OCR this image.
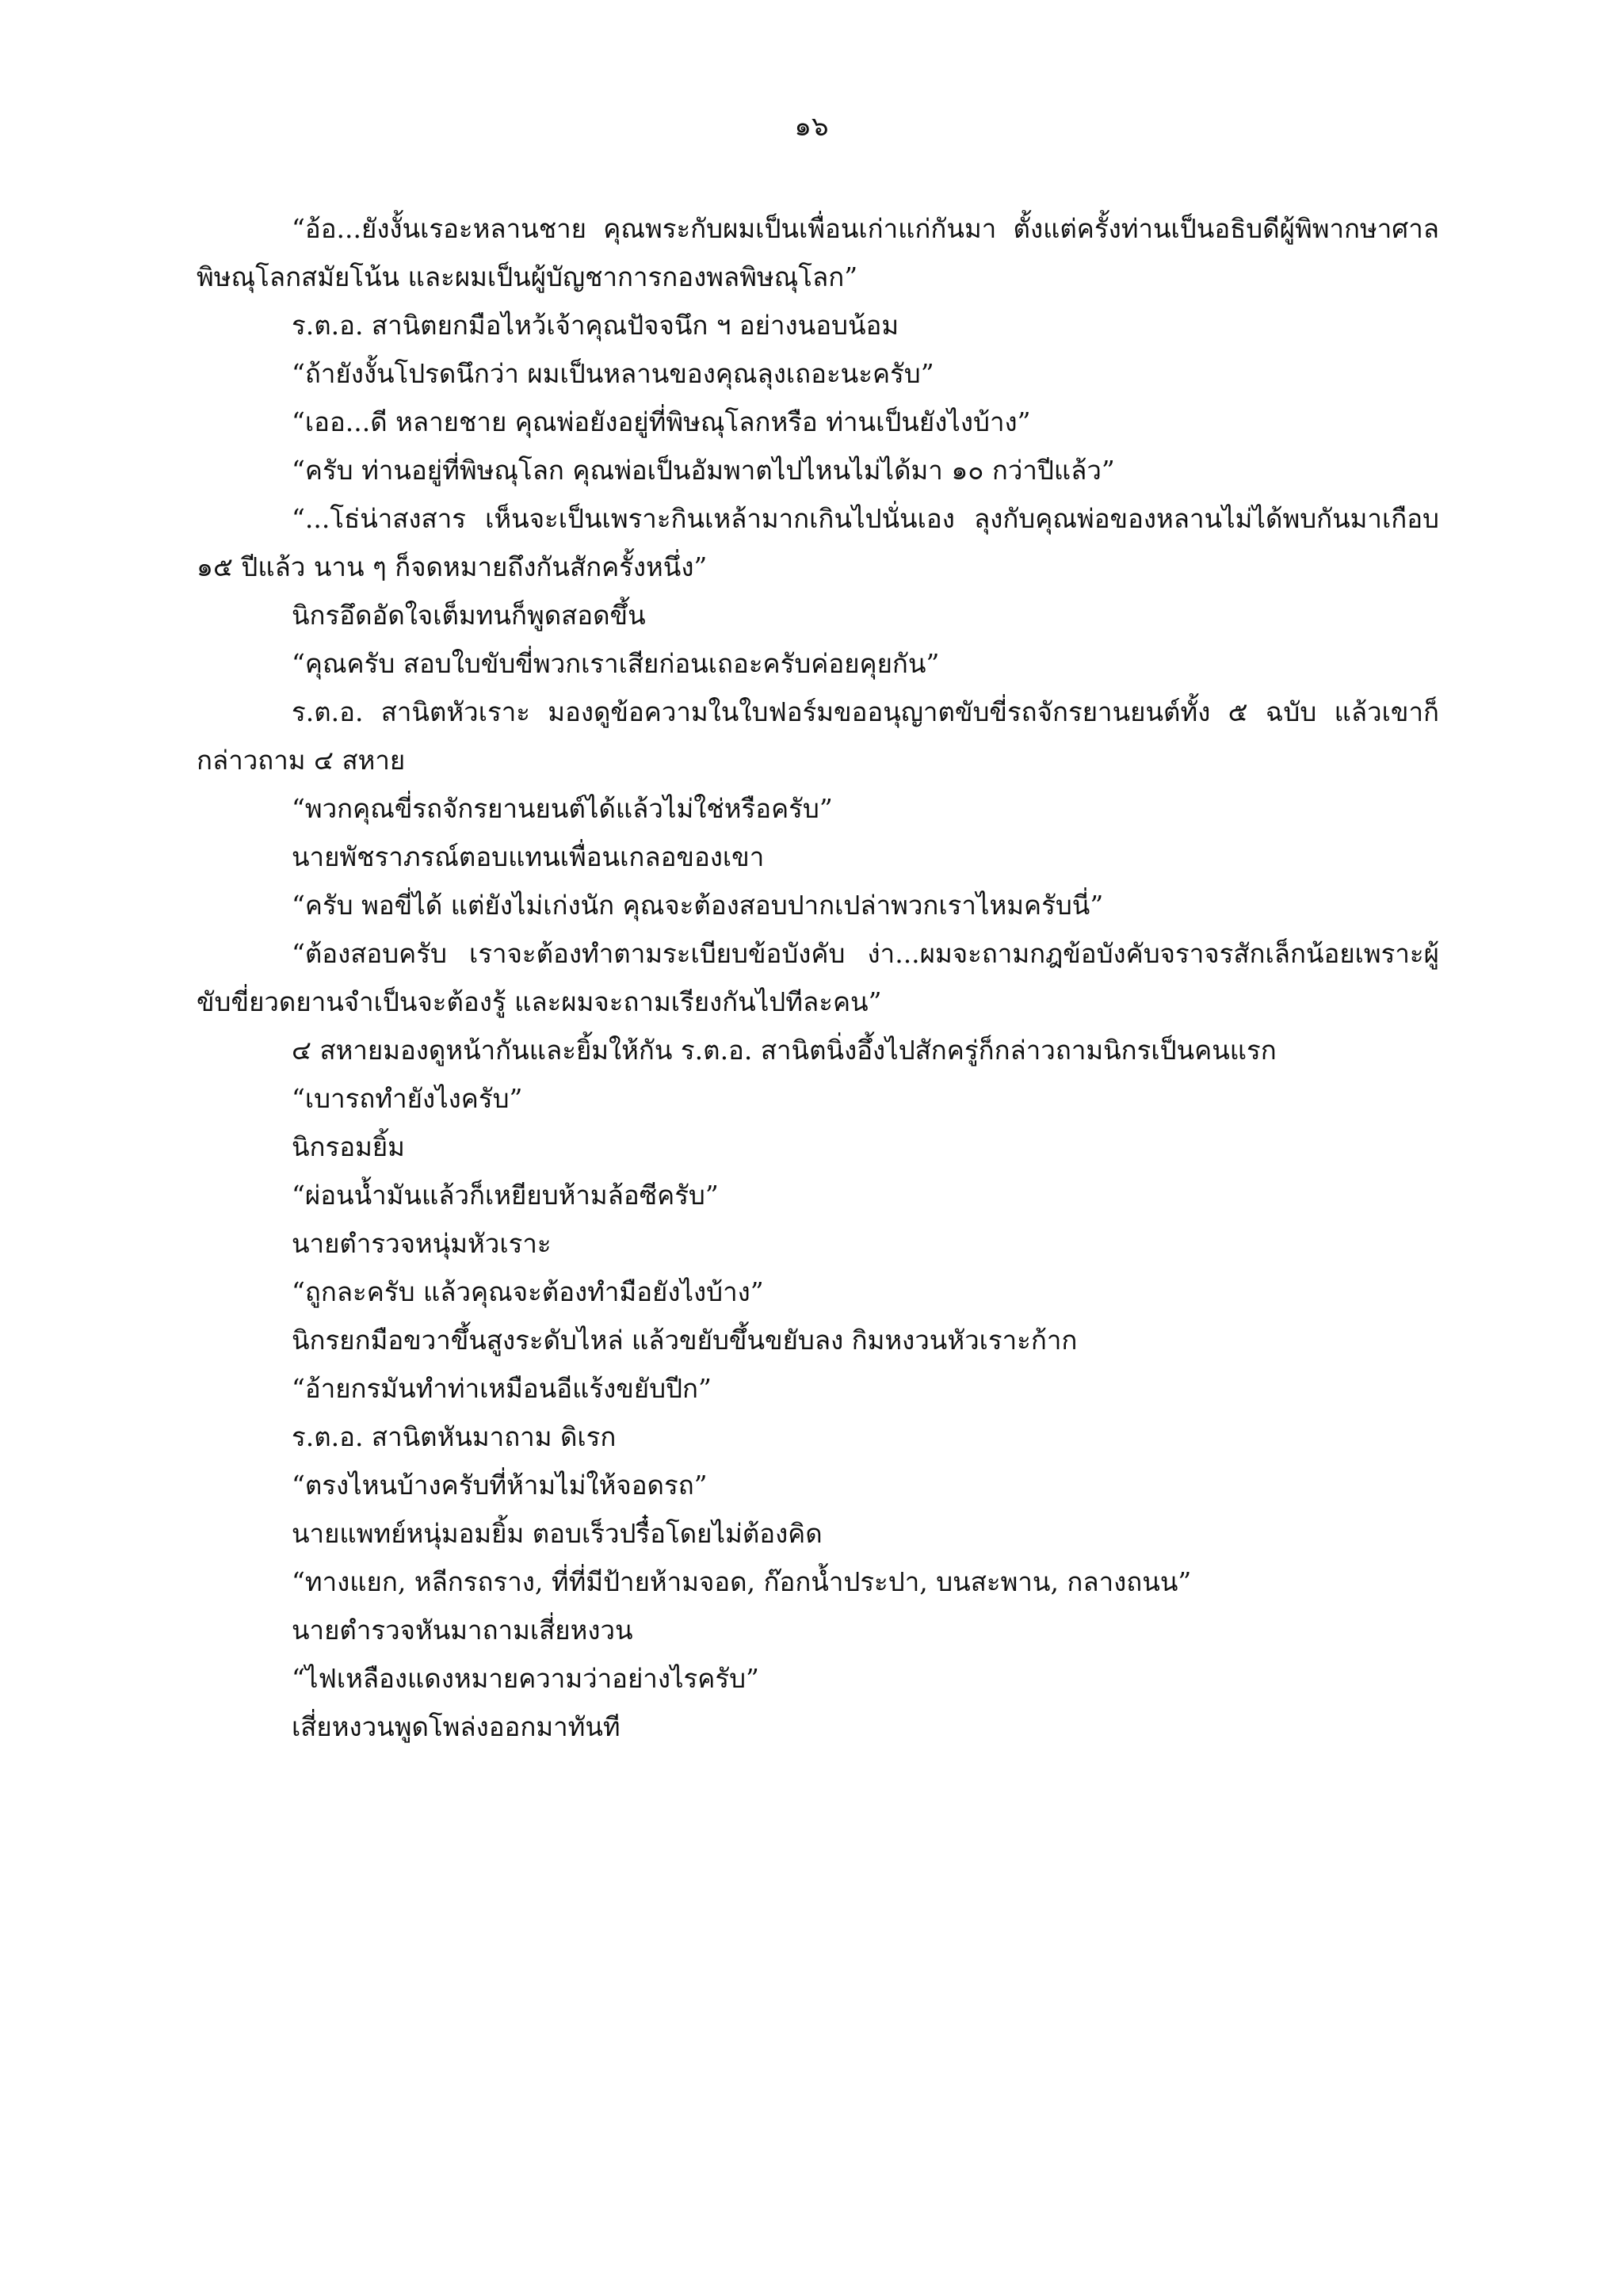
๑๖

“อ้อ...ยังงั้นเรอะหลานชาย คุณพระกับผมเป็นเพื่อนเก่าแก่กันมา ตั้งแต่ครั้งท่านเป็นอธิบดีผู้พิพากษาศาลพิษณุโลกสมัยโน้น และผมเป็นผู้บัญชาการกองพลพิษณุโลก”

ร.ต.อ. สานิตยกมือไหว้เจ้าคุณปัจจนึก ฯ อย่างนอบน้อม

“ถ้ายังงั้นโปรดนึกว่า ผมเป็นหลานของคุณลุงเถอะนะครับ”

“เออ...ดี หลายชาย คุณพ่อยังอยู่ที่พิษณุโลกหรือ ท่านเป็นยังไงบ้าง”

“ครับ ท่านอยู่ที่พิษณุโลก คุณพ่อเป็นอัมพาตไปไหนไม่ได้มา ๑๐ กว่าปีแล้ว”

“...โธ่น่าสงสาร เห็นจะเป็นเพราะกินเหล้ามากเกินไปนั่นเอง ลุงกับคุณพ่อของหลานไม่ได้พบกันมาเกือบ ๑๕ ปีแล้ว นาน ๆ ก็จดหมายถึงกันสักครั้งหนึ่ง”

นิกรอึดอัดใจเต็มทนก็พูดสอดขึ้น

“คุณครับ สอบใบขับขี่พวกเราเสียก่อนเถอะครับค่อยคุยกัน”

ร.ต.อ. สานิตหัวเราะ มองดูข้อความในใบฟอร์มขออนุญาตขับขี่รถจักรยานยนต์ทั้ง ๕ ฉบับ แล้วเขาก็กล่าวถาม ๔ สหาย

“พวกคุณขี่รถจักรยานยนต์ได้แล้วไม่ใช่หรือครับ”

นายพัชราภรณ์ตอบแทนเพื่อนเกลอของเขา

“ครับ พอขี่ได้ แต่ยังไม่เก่งนัก คุณจะต้องสอบปากเปล่าพวกเราไหมครับนี่”

“ต้องสอบครับ เราจะต้องทำตามระเบียบข้อบังคับ ง่า...ผมจะถามกฎข้อบังคับจราจรสักเล็กน้อยเพราะผู้ขับขี่ยวดยานจำเป็นจะต้องรู้ และผมจะถามเรียงกันไปทีละคน”

๔ สหายมองดูหน้ากันและยิ้มให้กัน ร.ต.อ. สานิตนิ่งอึ้งไปสักครู่ก็กล่าวถามนิกรเป็นคนแรก

“เบารถทำยังไงครับ”

นิกรอมยิ้ม

“ผ่อนน้ำมันแล้วก็เหยียบห้ามล้อซีครับ”

นายตำรวจหนุ่มหัวเราะ

“ถูกละครับ แล้วคุณจะต้องทำมือยังไงบ้าง”

นิกรยกมือขวาขึ้นสูงระดับไหล่ แล้วขยับขึ้นขยับลง กิมหงวนหัวเราะก้าก

“อ้ายกรมันทำท่าเหมือนอีแร้งขยับปีก”

ร.ต.อ. สานิตหันมาถาม ดิเรก

“ตรงไหนบ้างครับที่ห้ามไม่ให้จอดรถ”

นายแพทย์หนุ่มอมยิ้ม ตอบเร็วปรื๋อโดยไม่ต้องคิด

“ทางแยก, หลีกรถราง, ที่ที่มีป้ายห้ามจอด, ก๊อกน้ำประปา, บนสะพาน, กลางถนน”

นายตำรวจหันมาถามเสี่ยหงวน

“ไฟเหลืองแดงหมายความว่าอย่างไรครับ”

เสี่ยหงวนพูดโพล่งออกมาทันที
